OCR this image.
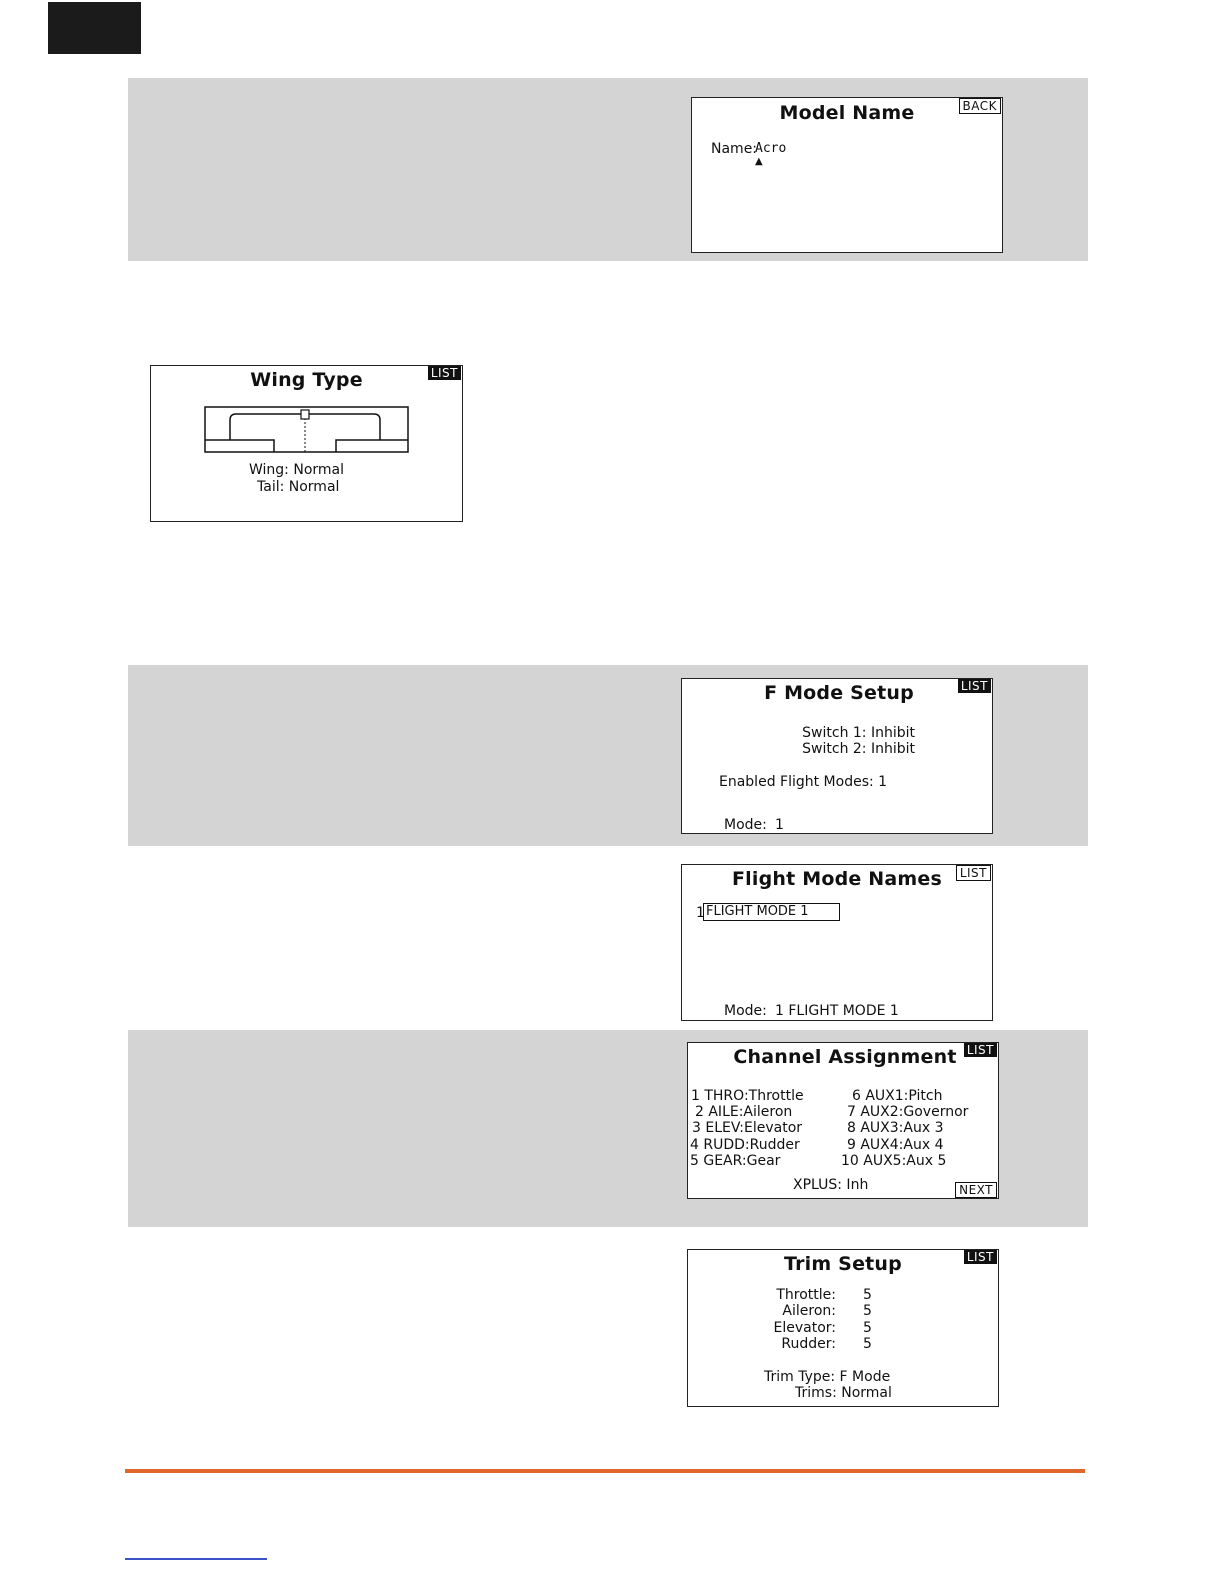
Model Name	BACK
Name:
Acro
▲
Wing Type	LIST
Wing: Normal
Tail: Normal
F Mode Setup	LIST
Switch 1: Inhibit
Switch 2: Inhibit
Enabled Flight Modes: 1
Mode: 1
Flight Mode Names	LIST
1 FLIGHT MODE 1
Mode: 1 FLIGHT MODE 1
Channel Assignment LIST
1 THRO:Throttle
2 AILE:Aileron
3 ELEV:Elevator
4 RUDD:Rudder
5 GEAR:Gear
6 AUX1:Pitch
7 AUX2:Governor
8 AUX3:Aux 3
9 AUX4:Aux 4
10 AUX5:Aux 5
XPLUS: Inh	NEXT
Trim Setup	LIST
Throttle: 5
Aileron: 5
Elevator: 5
Rudder: 5
Trim Type: F Mode
Trims: Normal
